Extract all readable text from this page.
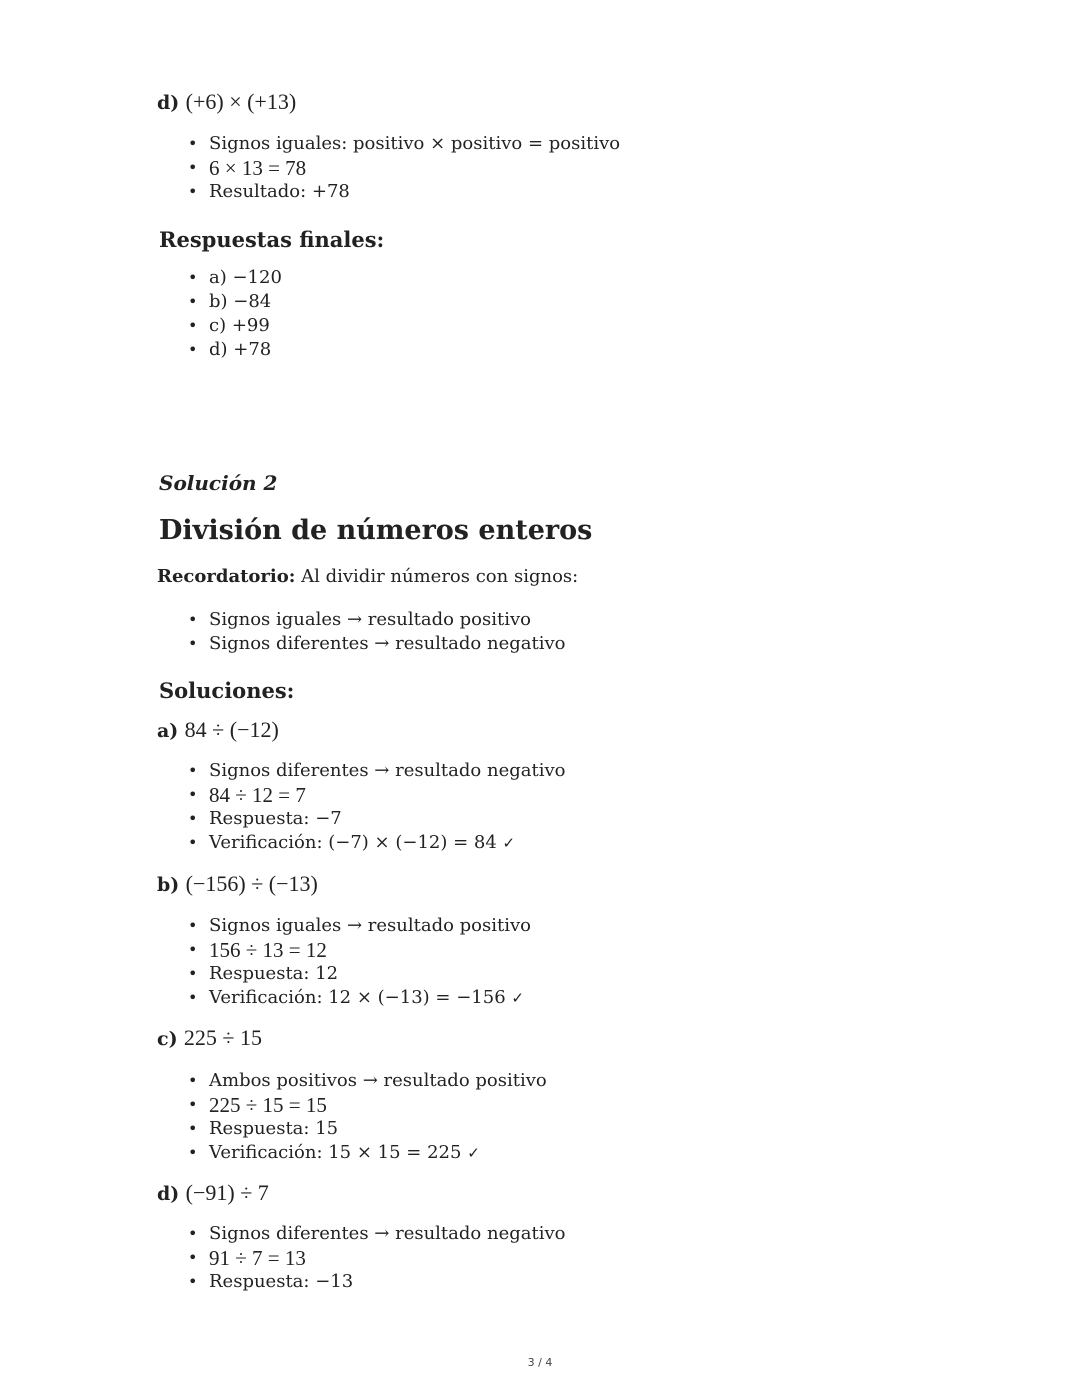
d) (+6) × (+13)
• Signos iguales: positivo × positivo = positivo
• 6 × 13 = 78
• Resultado: +78
Respuestas finales:
• a) −120
• b) −84
• c) +99
• d) +78
Solución 2
División de números enteros
Recordatorio: Al dividir números con signos:
• Signos iguales → resultado positivo
• Signos diferentes → resultado negativo
Soluciones:
a) 84 ÷ (−12)
• Signos diferentes → resultado negativo
• 84 ÷ 12 = 7
• Respuesta: −7
• Verificación: (−7) × (−12) = 84 ✓
b) (−156) ÷ (−13)
• Signos iguales → resultado positivo
• 156 ÷ 13 = 12
• Respuesta: 12
• Verificación: 12 × (−13) = −156 ✓
c) 225 ÷ 15
• Ambos positivos → resultado positivo
• 225 ÷ 15 = 15
• Respuesta: 15
• Verificación: 15 × 15 = 225 ✓
d) (−91) ÷ 7
• Signos diferentes → resultado negativo
• 91 ÷ 7 = 13
• Respuesta: −13
3 / 4
